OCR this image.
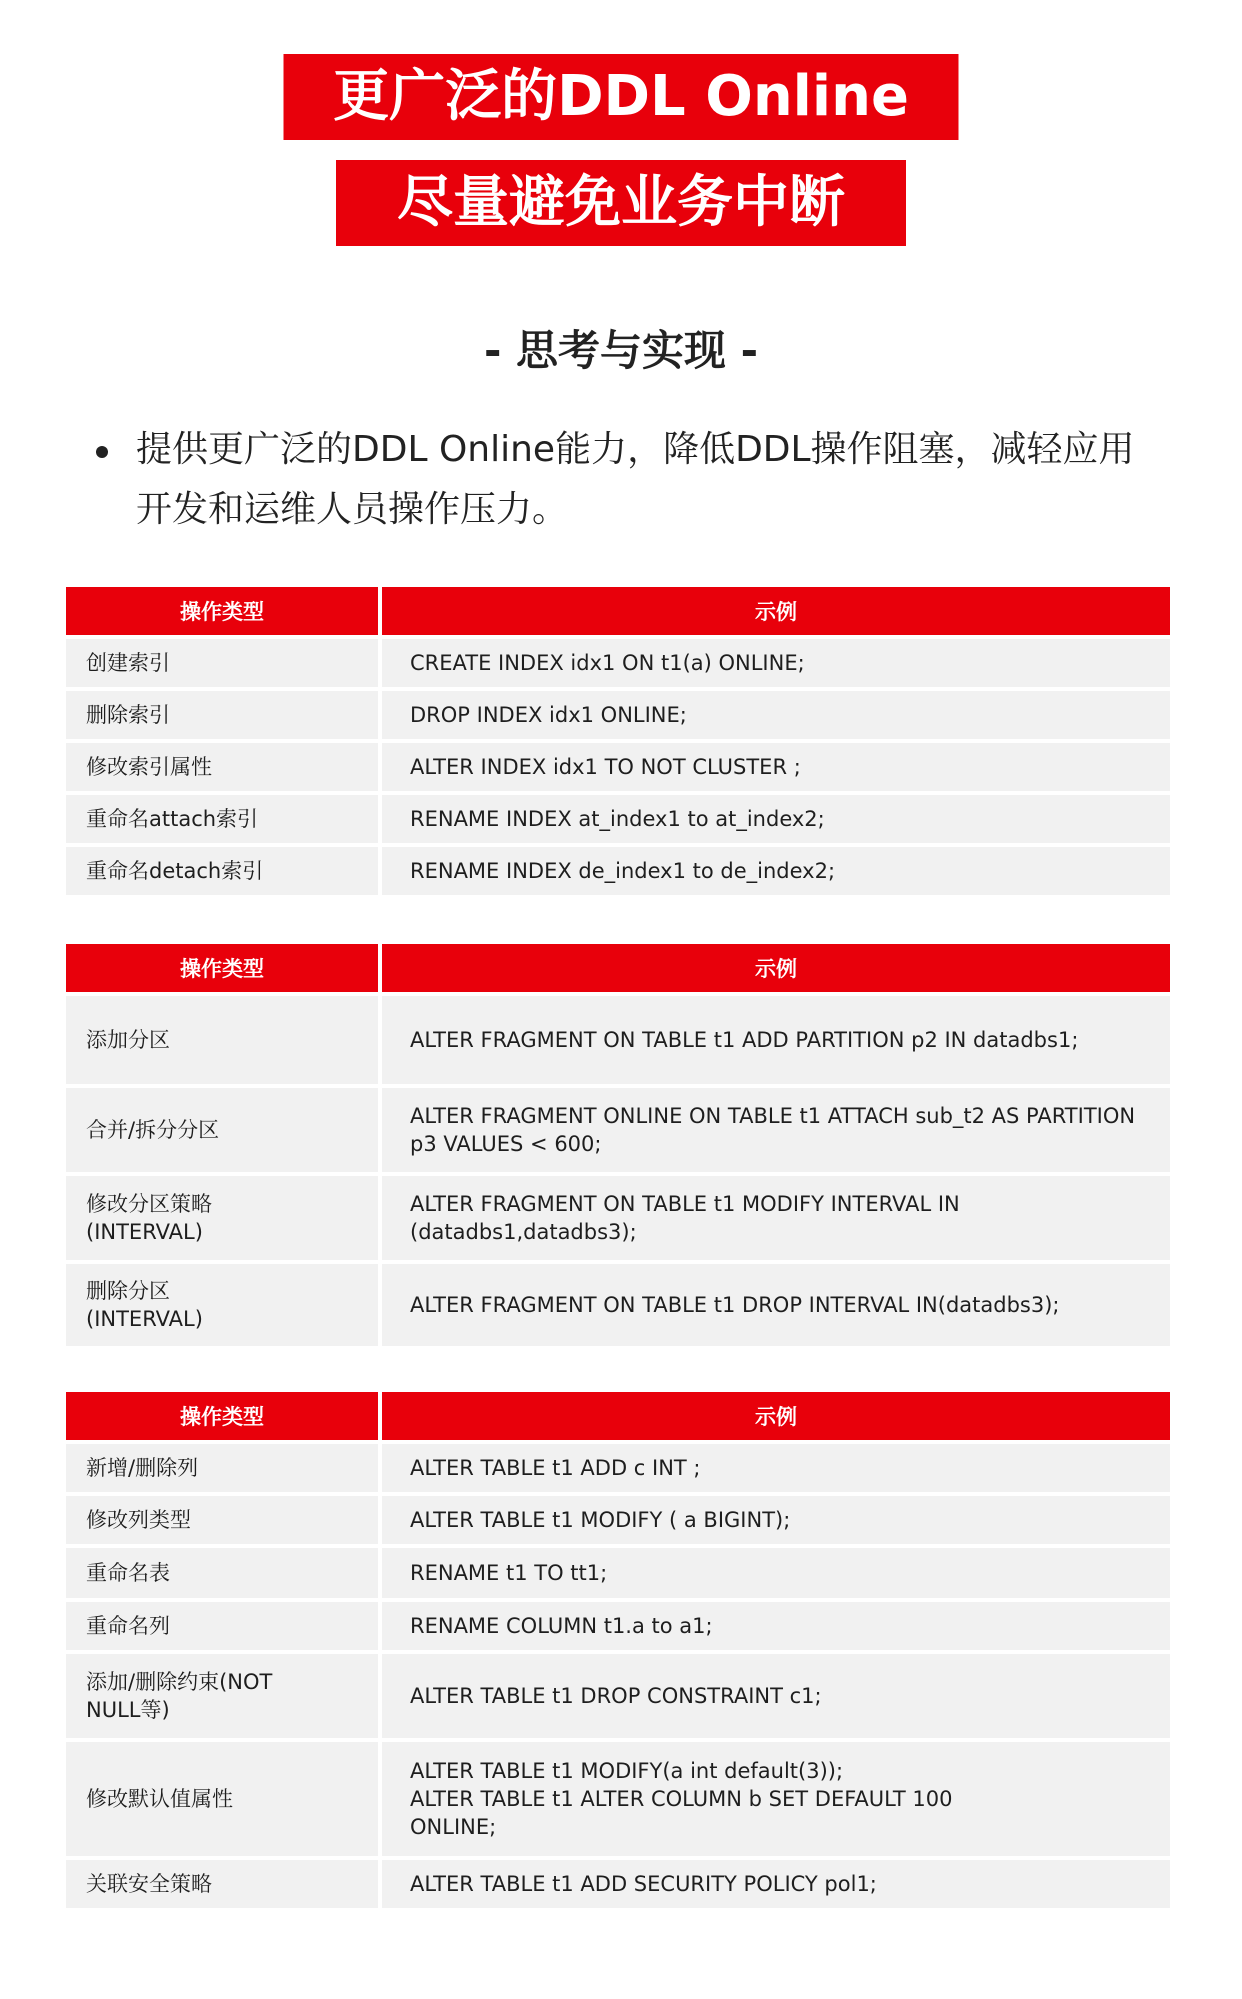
更广泛的DDL Online
尽量避免业务中断
- 思考与实现 -
提供更广泛的DDL Online能力，降低DDL操作阻塞，减轻应用开发和运维人员操作压力。
操作类型	示例
创建索引	CREATE INDEX idx1 ON t1(a) ONLINE;
删除索引	DROP INDEX idx1 ONLINE;
修改索引属性	ALTER INDEX idx1 TO NOT CLUSTER ;
重命名attach索引	RENAME INDEX at_index1 to at_index2;
重命名detach索引	RENAME INDEX de_index1 to de_index2;
操作类型	示例
添加分区	ALTER FRAGMENT ON TABLE t1 ADD PARTITION p2 IN datadbs1;
合并/拆分分区	ALTER FRAGMENT ONLINE ON TABLE t1 ATTACH sub_t2 AS PARTITION
p3 VALUES < 600;
修改分区策略
(INTERVAL)	ALTER FRAGMENT ON TABLE t1 MODIFY INTERVAL IN
(datadbs1,datadbs3);
删除分区
(INTERVAL)	ALTER FRAGMENT ON TABLE t1 DROP INTERVAL IN(datadbs3);
操作类型	示例
新增/删除列	ALTER TABLE t1 ADD c INT ;
修改列类型	ALTER TABLE t1 MODIFY ( a BIGINT);
重命名表	RENAME t1 TO tt1;
重命名列	RENAME COLUMN t1.a to a1;
添加/删除约束(NOT
NULL等)	ALTER TABLE t1 DROP CONSTRAINT c1;
修改默认值属性	ALTER TABLE t1 MODIFY(a int default(3));
ALTER TABLE t1 ALTER COLUMN b SET DEFAULT 100
ONLINE;
关联安全策略	ALTER TABLE t1 ADD SECURITY POLICY pol1;
